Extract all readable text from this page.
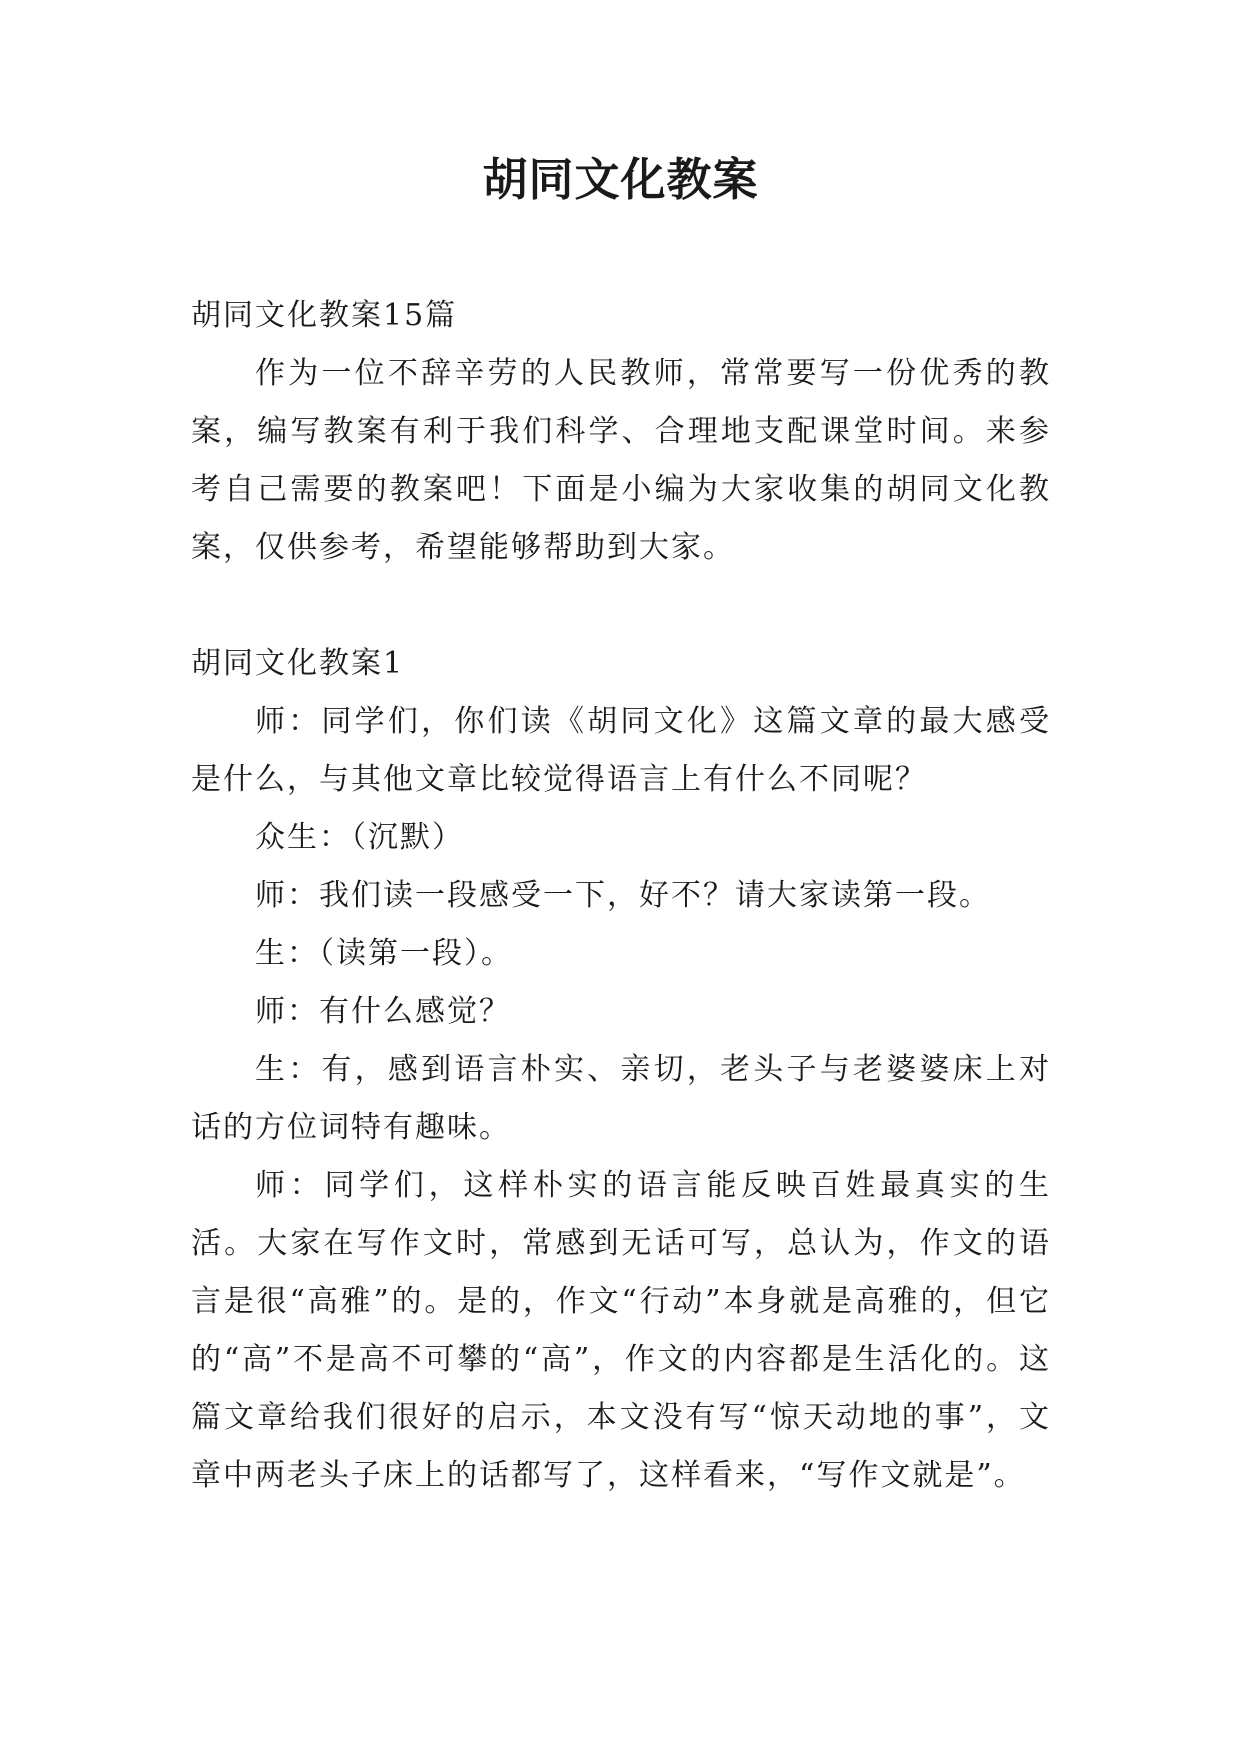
胡同文化教案

胡同文化教案15篇

作为一位不辞辛劳的人民教师，常常要写一份优秀的教案，编写教案有利于我们科学、合理地支配课堂时间。来参考自己需要的教案吧！下面是小编为大家收集的胡同文化教案，仅供参考，希望能够帮助到大家。

胡同文化教案1

师：同学们，你们读《胡同文化》这篇文章的最大感受是什么，与其他文章比较觉得语言上有什么不同呢？

众生：（沉默）

师：我们读一段感受一下，好不？请大家读第一段。

生：（读第一段）。

师：有什么感觉？

生：有，感到语言朴实、亲切，老头子与老婆婆床上对话的方位词特有趣味。

师：同学们，这样朴实的语言能反映百姓最真实的生活。大家在写作文时，常感到无话可写，总认为，作文的语言是很“高雅”的。是的，作文“行动”本身就是高雅的，但它的“高”不是高不可攀的“高”，作文的内容都是生活化的。这篇文章给我们很好的启示，本文没有写“惊天动地的事”，文章中两老头子床上的话都写了，这样看来，“写作文就是”。
